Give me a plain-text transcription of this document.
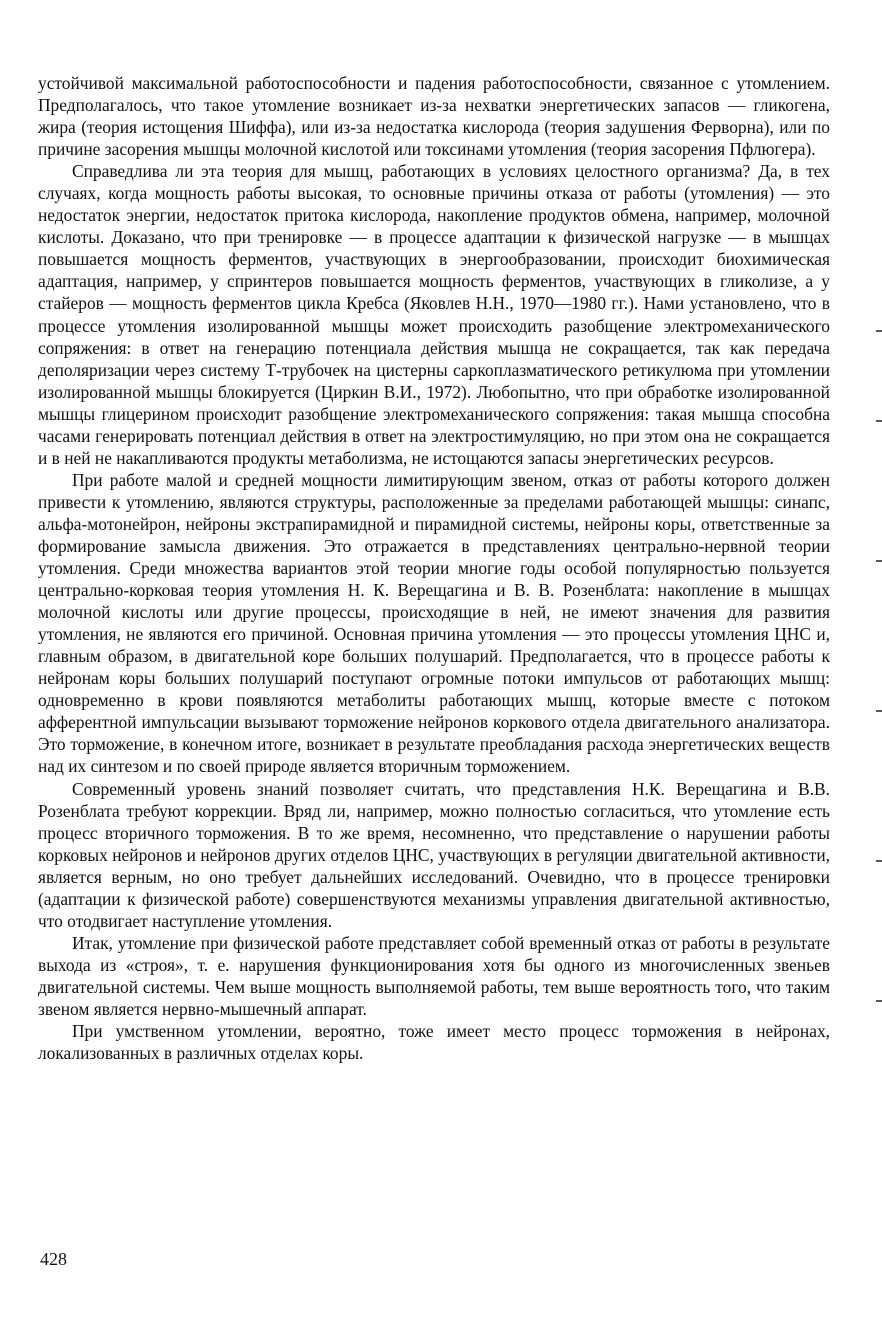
устойчивой максимальной работоспособности и падения работоспособности, связанное с утомлением. Предполагалось, что такое утомление возникает из-за нехватки энергетических запасов — гликогена, жира (теория истощения Шиффа), или из-за недостатка кислорода (теория задушения Ферворна), или по причине засорения мышцы молочной кислотой или токсинами утомления (теория засорения Пфлюгера).

Справедлива ли эта теория для мышц, работающих в условиях целостного организма? Да, в тех случаях, когда мощность работы высокая, то основные причины отказа от работы (утомления) — это недостаток энергии, недостаток притока кислорода, накопление продуктов обмена, например, молочной кислоты. Доказано, что при тренировке — в процессе адаптации к физической нагрузке — в мышцах повышается мощность ферментов, участвующих в энергообразовании, происходит биохимическая адаптация, например, у спринтеров повышается мощность ферментов, участвующих в гликолизе, а у стайеров — мощность ферментов цикла Кребса (Яковлев Н.Н., 1970—1980 гг.). Нами установлено, что в процессе утомления изолированной мышцы может происходить разобщение электромеханического сопряжения: в ответ на генерацию потенциала действия мышца не сокращается, так как передача деполяризации через систему Т-трубочек на цистерны саркоплазматического ретикулюма при утомлении изолированной мышцы блокируется (Циркин В.И., 1972). Любопытно, что при обработке изолированной мышцы глицерином происходит разобщение электромеханического сопряжения: такая мышца способна часами генерировать потенциал действия в ответ на электростимуляцию, но при этом она не сокращается и в ней не накапливаются продукты метаболизма, не истощаются запасы энергетических ресурсов.

При работе малой и средней мощности лимитирующим звеном, отказ от работы которого должен привести к утомлению, являются структуры, расположенные за пределами работающей мышцы: синапс, альфа-мотонейрон, нейроны экстрапирамидной и пирамидной системы, нейроны коры, ответственные за формирование замысла движения. Это отражается в представлениях центрально-нервной теории утомления. Среди множества вариантов этой теории многие годы особой популярностью пользуется центрально-корковая теория утомления Н. К. Верещагина и В. В. Розенблата: накопление в мышцах молочной кислоты или другие процессы, происходящие в ней, не имеют значения для развития утомления, не являются его причиной. Основная причина утомления — это процессы утомления ЦНС и, главным образом, в двигательной коре больших полушарий. Предполагается, что в процессе работы к нейронам коры больших полушарий поступают огромные потоки импульсов от работающих мышц: одновременно в крови появляются метаболиты работающих мышц, которые вместе с потоком афферентной импульсации вызывают торможение нейронов коркового отдела двигательного анализатора. Это торможение, в конечном итоге, возникает в результате преобладания расхода энергетических веществ над их синтезом и по своей природе является вторичным торможением.

Современный уровень знаний позволяет считать, что представления Н.К. Верещагина и В.В. Розенблата требуют коррекции. Вряд ли, например, можно полностью согласиться, что утомление есть процесс вторичного торможения. В то же время, несомненно, что представление о нарушении работы корковых нейронов и нейронов других отделов ЦНС, участвующих в регуляции двигательной активности, является верным, но оно требует дальнейших исследований. Очевидно, что в процессе тренировки (адаптации к физической работе) совершенствуются механизмы управления двигательной активностью, что отодвигает наступление утомления.

Итак, утомление при физической работе представляет собой временный отказ от работы в результате выхода из «строя», т. е. нарушения функционирования хотя бы одного из многочисленных звеньев двигательной системы. Чем выше мощность выполняемой работы, тем выше вероятность того, что таким звеном является нервно-мышечный аппарат.

При умственном утомлении, вероятно, тоже имеет место процесс торможения в нейронах, локализованных в различных отделах коры.

428
